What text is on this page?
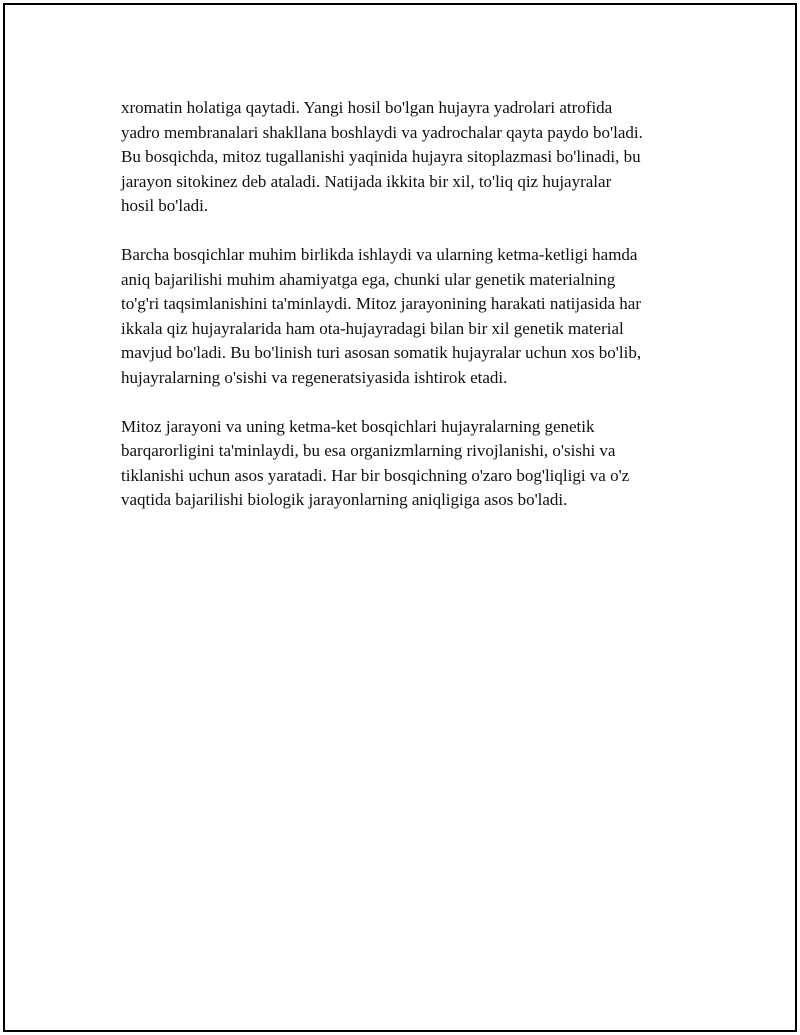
xromatin holatiga qaytadi. Yangi hosil bo'lgan hujayra yadrolari atrofida
yadro membranalari shakllana boshlaydi va yadrochalar qayta paydo bo'ladi.
Bu bosqichda, mitoz tugallanishi yaqinida hujayra sitoplazmasi bo'linadi, bu
jarayon sitokinez deb ataladi. Natijada ikkita bir xil, to'liq qiz hujayralar
hosil bo'ladi.

Barcha bosqichlar muhim birlikda ishlaydi va ularning ketma-ketligi hamda
aniq bajarilishi muhim ahamiyatga ega, chunki ular genetik materialning
to'g'ri taqsimlanishini ta'minlaydi. Mitoz jarayonining harakati natijasida har
ikkala qiz hujayralarida ham ota-hujayradagi bilan bir xil genetik material
mavjud bo'ladi. Bu bo'linish turi asosan somatik hujayralar uchun xos bo'lib,
hujayralarning o'sishi va regeneratsiyasida ishtirok etadi.

Mitoz jarayoni va uning ketma-ket bosqichlari hujayralarning genetik
barqarorligini ta'minlaydi, bu esa organizmlarning rivojlanishi, o'sishi va
tiklanishi uchun asos yaratadi. Har bir bosqichning o'zaro bog'liqligi va o'z
vaqtida bajarilishi biologik jarayonlarning aniqligiga asos bo'ladi.
